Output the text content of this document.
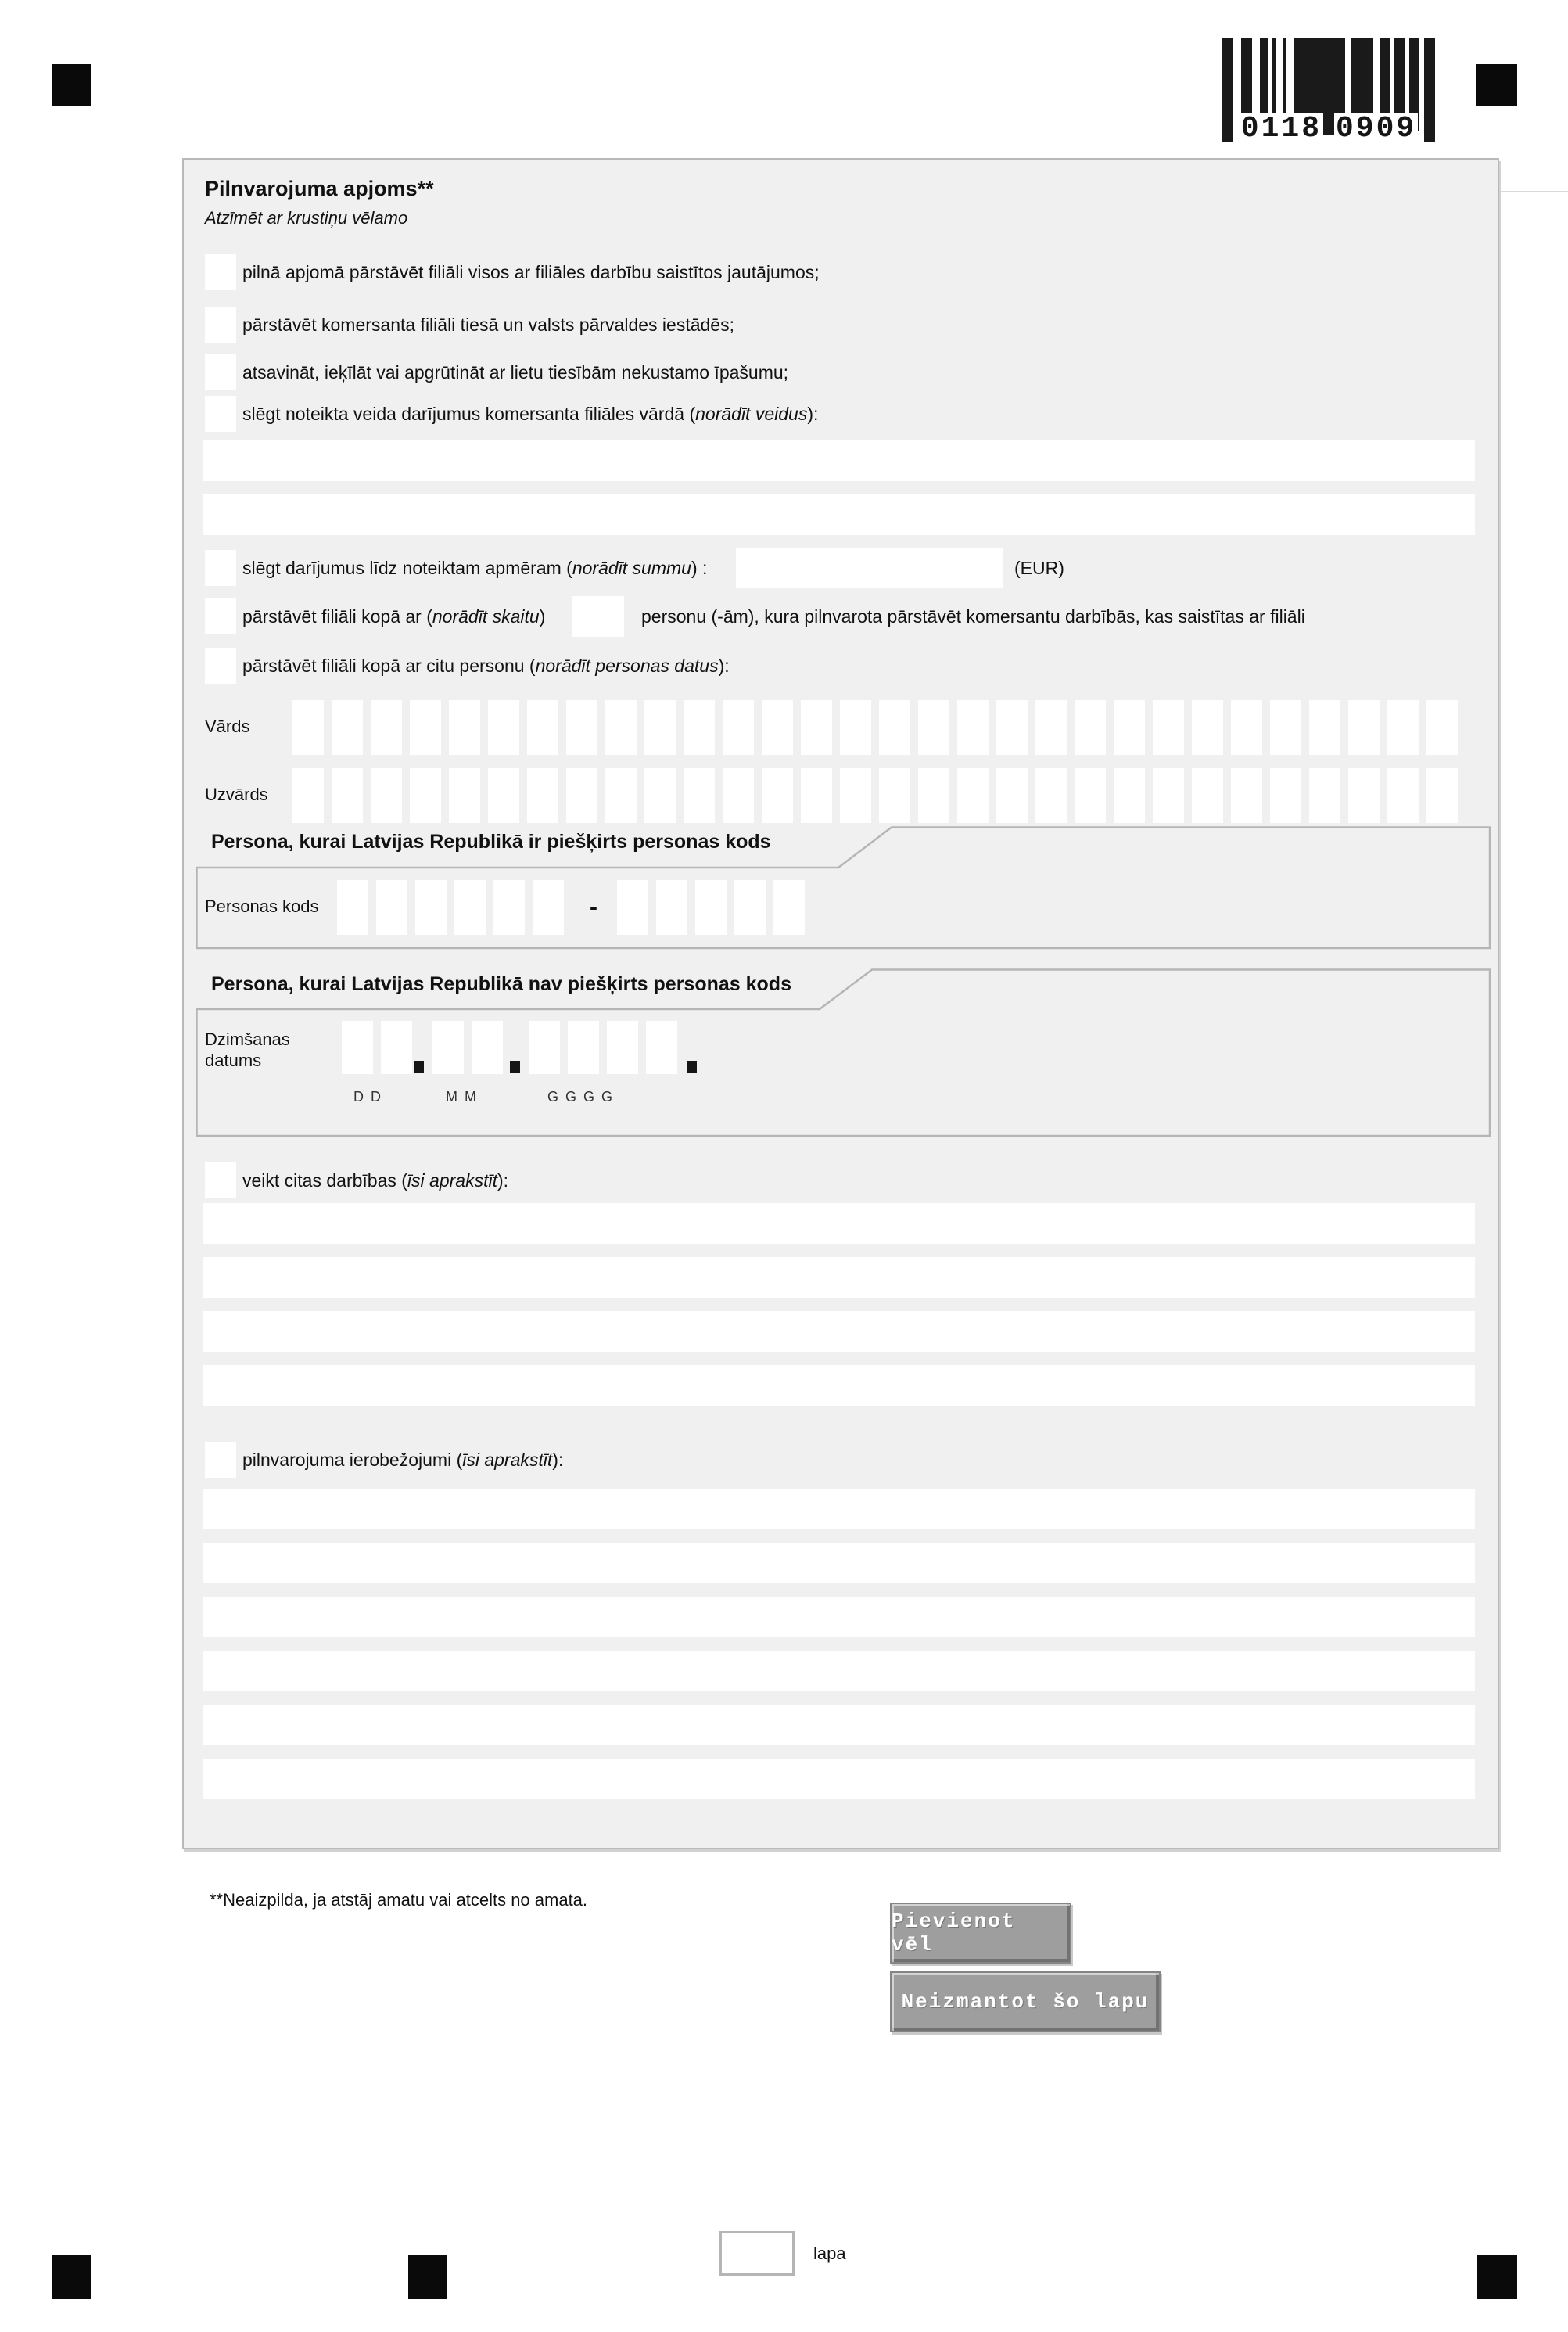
0118 0909
Pilnvarojuma apjoms**
Atzīmēt ar krustiņu vēlamo
pilnā apjomā pārstāvēt filiāli visos ar filiāles darbību saistītos jautājumos;
pārstāvēt komersanta filiāli tiesā un valsts pārvaldes iestādēs;
atsavināt, ieķīlāt vai apgrūtināt ar lietu tiesībām nekustamo īpašumu;
slēgt noteikta veida darījumus komersanta filiāles vārdā (norādīt veidus):
slēgt darījumus līdz noteiktam apmēram (norādīt summu) :	(EUR)
pārstāvēt filiāli kopā ar (norādīt skaitu)	personu (-ām), kura pilnvarota pārstāvēt komersantu darbībās, kas saistītas ar filiāli
pārstāvēt filiāli kopā ar citu personu (norādīt personas datus):
Vārds
Uzvārds
Persona, kurai Latvijas Republikā ir piešķirts personas kods
Personas kods	-
Persona, kurai Latvijas Republikā nav piešķirts personas kods
Dzimšanas
datums
D D	M M	G G G G
veikt citas darbības (īsi aprakstīt):
pilnvarojuma ierobežojumi (īsi aprakstīt):
**Neaizpilda, ja atstāj amatu vai atcelts no amata.
Pievienot vēl
Neizmantot šo lapu
lapa
